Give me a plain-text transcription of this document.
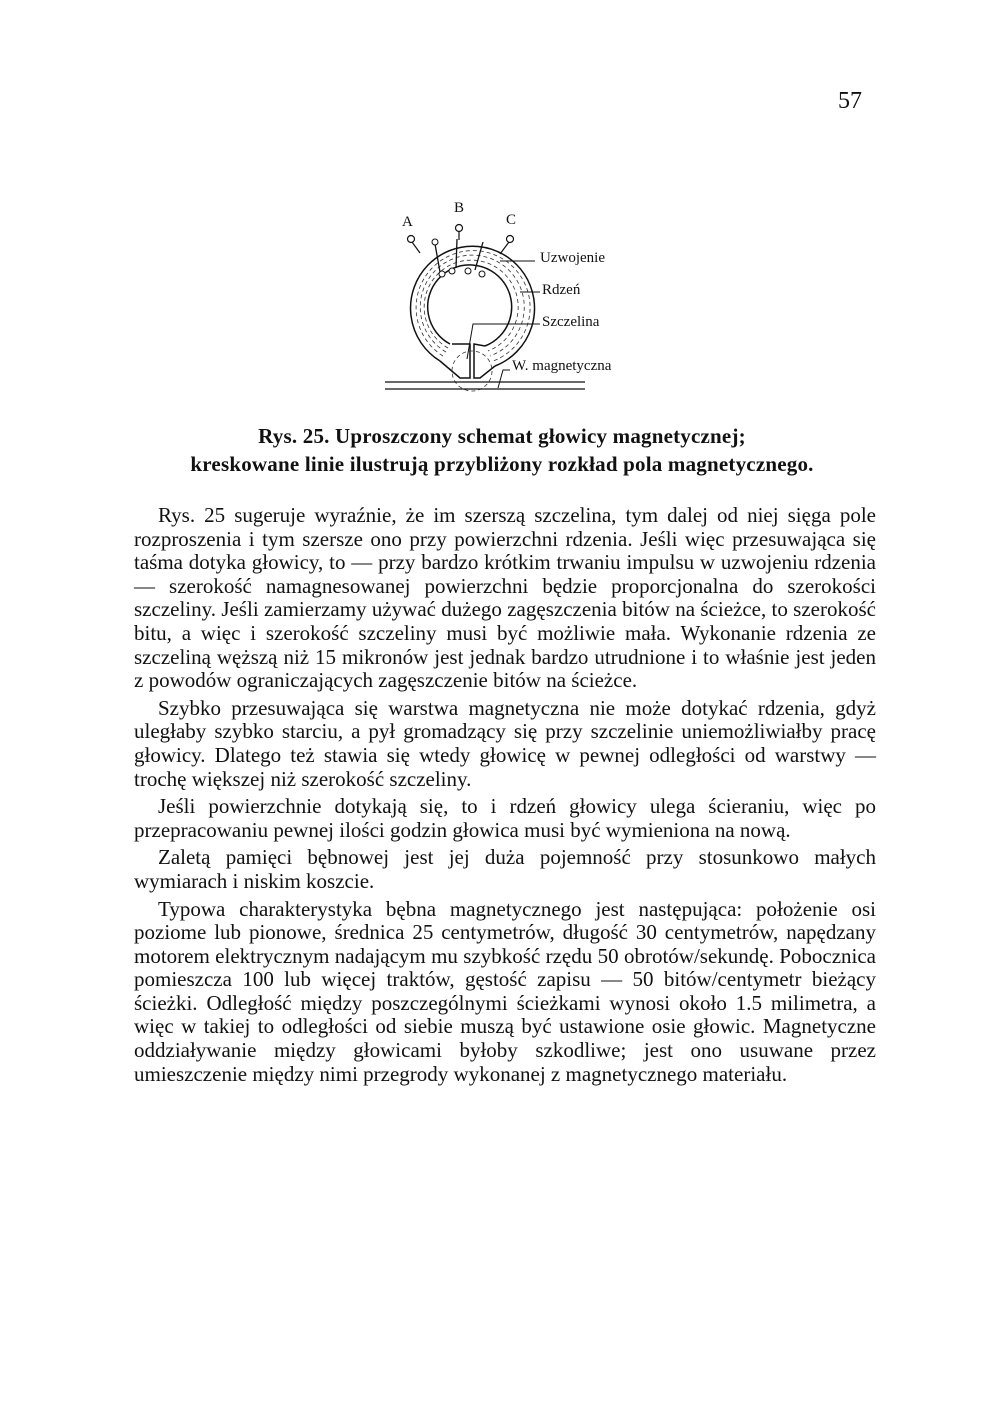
57
A
B
C
Uzwojenie
Rdzeń
Szczelina
W. magnetyczna
Rys. 25. Uproszczony schemat głowicy magnetycznej;
kreskowane linie ilustrują przybliżony rozkład pola magnetycznego.

Rys. 25 sugeruje wyraźnie, że im szerszą szczelina, tym dalej od niej sięga pole rozproszenia i tym szersze ono przy powierzchni rdzenia. Jeśli więc przesuwająca się taśma dotyka głowicy, to — przy bardzo krótkim trwaniu impulsu w uzwojeniu rdzenia — szerokość namagnesowanej powierzchni będzie proporcjonalna do szerokości szczeliny. Jeśli zamierzamy używać dużego zagęszczenia bitów na ścieżce, to szerokość bitu, a więc i szerokość szczeliny musi być możliwie mała. Wykonanie rdzenia ze szczeliną węższą niż 15 mikronów jest jednak bardzo utrudnione i to właśnie jest jeden z powodów ograniczających zagęszczenie bitów na ścieżce.

Szybko przesuwająca się warstwa magnetyczna nie może dotykać rdzenia, gdyż uległaby szybko starciu, a pył gromadzący się przy szczelinie uniemożliwiałby pracę głowicy. Dlatego też stawia się wtedy głowicę w pewnej odległości od warstwy — trochę większej niż szerokość szczeliny.

Jeśli powierzchnie dotykają się, to i rdzeń głowicy ulega ścieraniu, więc po przepracowaniu pewnej ilości godzin głowica musi być wymieniona na nową.

Zaletą pamięci bębnowej jest jej duża pojemność przy stosunkowo małych wymiarach i niskim koszcie.

Typowa charakterystyka bębna magnetycznego jest następująca: położenie osi poziome lub pionowe, średnica 25 centymetrów, długość 30 centymetrów, napędzany motorem elektrycznym nadającym mu szybkość rzędu 50 obrotów/sekundę. Pobocznica pomieszcza 100 lub więcej traktów, gęstość zapisu — 50 bitów/centymetr bieżący ścieżki. Odległość między poszczególnymi ścieżkami wynosi około 1.5 milimetra, a więc w takiej to odległości od siebie muszą być ustawione osie głowic. Magnetyczne oddziaływanie między głowicami byłoby szkodliwe; jest ono usuwane przez umieszczenie między nimi przegrody wykonanej z magnetycznego materiału.
